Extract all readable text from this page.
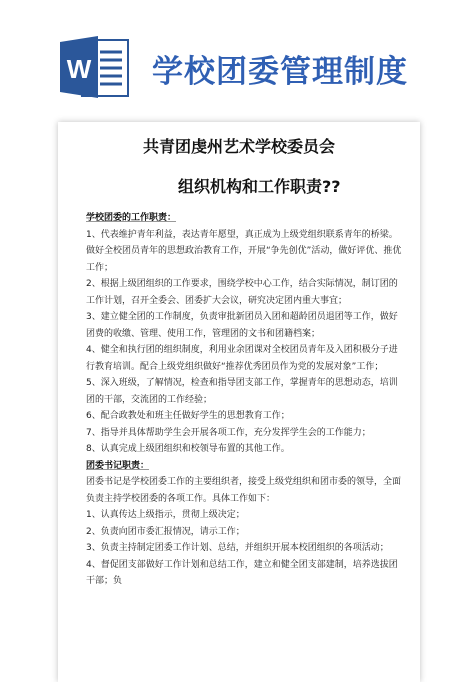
W 学校团委管理制度
共青团虔州艺术学校委员会
组织机构和工作职责??

学校团委的工作职责：

1、代表维护青年利益，表达青年愿望，真正成为上级党组织联系青年的桥梁。做好全校团员青年的思想政治教育工作，开展“争先创优”活动，做好评优、推优工作；

2、根据上级团组织的工作要求，围绕学校中心工作，结合实际情况，制订团的工作计划，召开全委会、团委扩大会议，研究决定团内重大事宜；

3、建立健全团的工作制度，负责审批新团员入团和超龄团员退团等工作，做好团费的收缴、管理、使用工作，管理团的文书和团籍档案；

4、健全和执行团的组织制度，利用业余团课对全校团员青年及入团积极分子进行教育培训。配合上级党组织做好“推荐优秀团员作为党的发展对象”工作；

5、深入班级，了解情况，检查和指导团支部工作，掌握青年的思想动态，培训团的干部，交流团的工作经验；

6、配合政教处和班主任做好学生的思想教育工作；

7、指导并具体帮助学生会开展各项工作，充分发挥学生会的工作能力；

8、认真完成上级团组织和校领导布置的其他工作。

团委书记职责：

团委书记是学校团委工作的主要组织者，接受上级党组织和团市委的领导，全面负责主持学校团委的各项工作。具体工作如下：

1、认真传达上级指示，贯彻上级决定；

2、负责向团市委汇报情况，请示工作；

3、负责主持制定团委工作计划、总结，并组织开展本校团组织的各项活动；

4、督促团支部做好工作计划和总结工作，建立和健全团支部建制，培养选拔团干部；负
